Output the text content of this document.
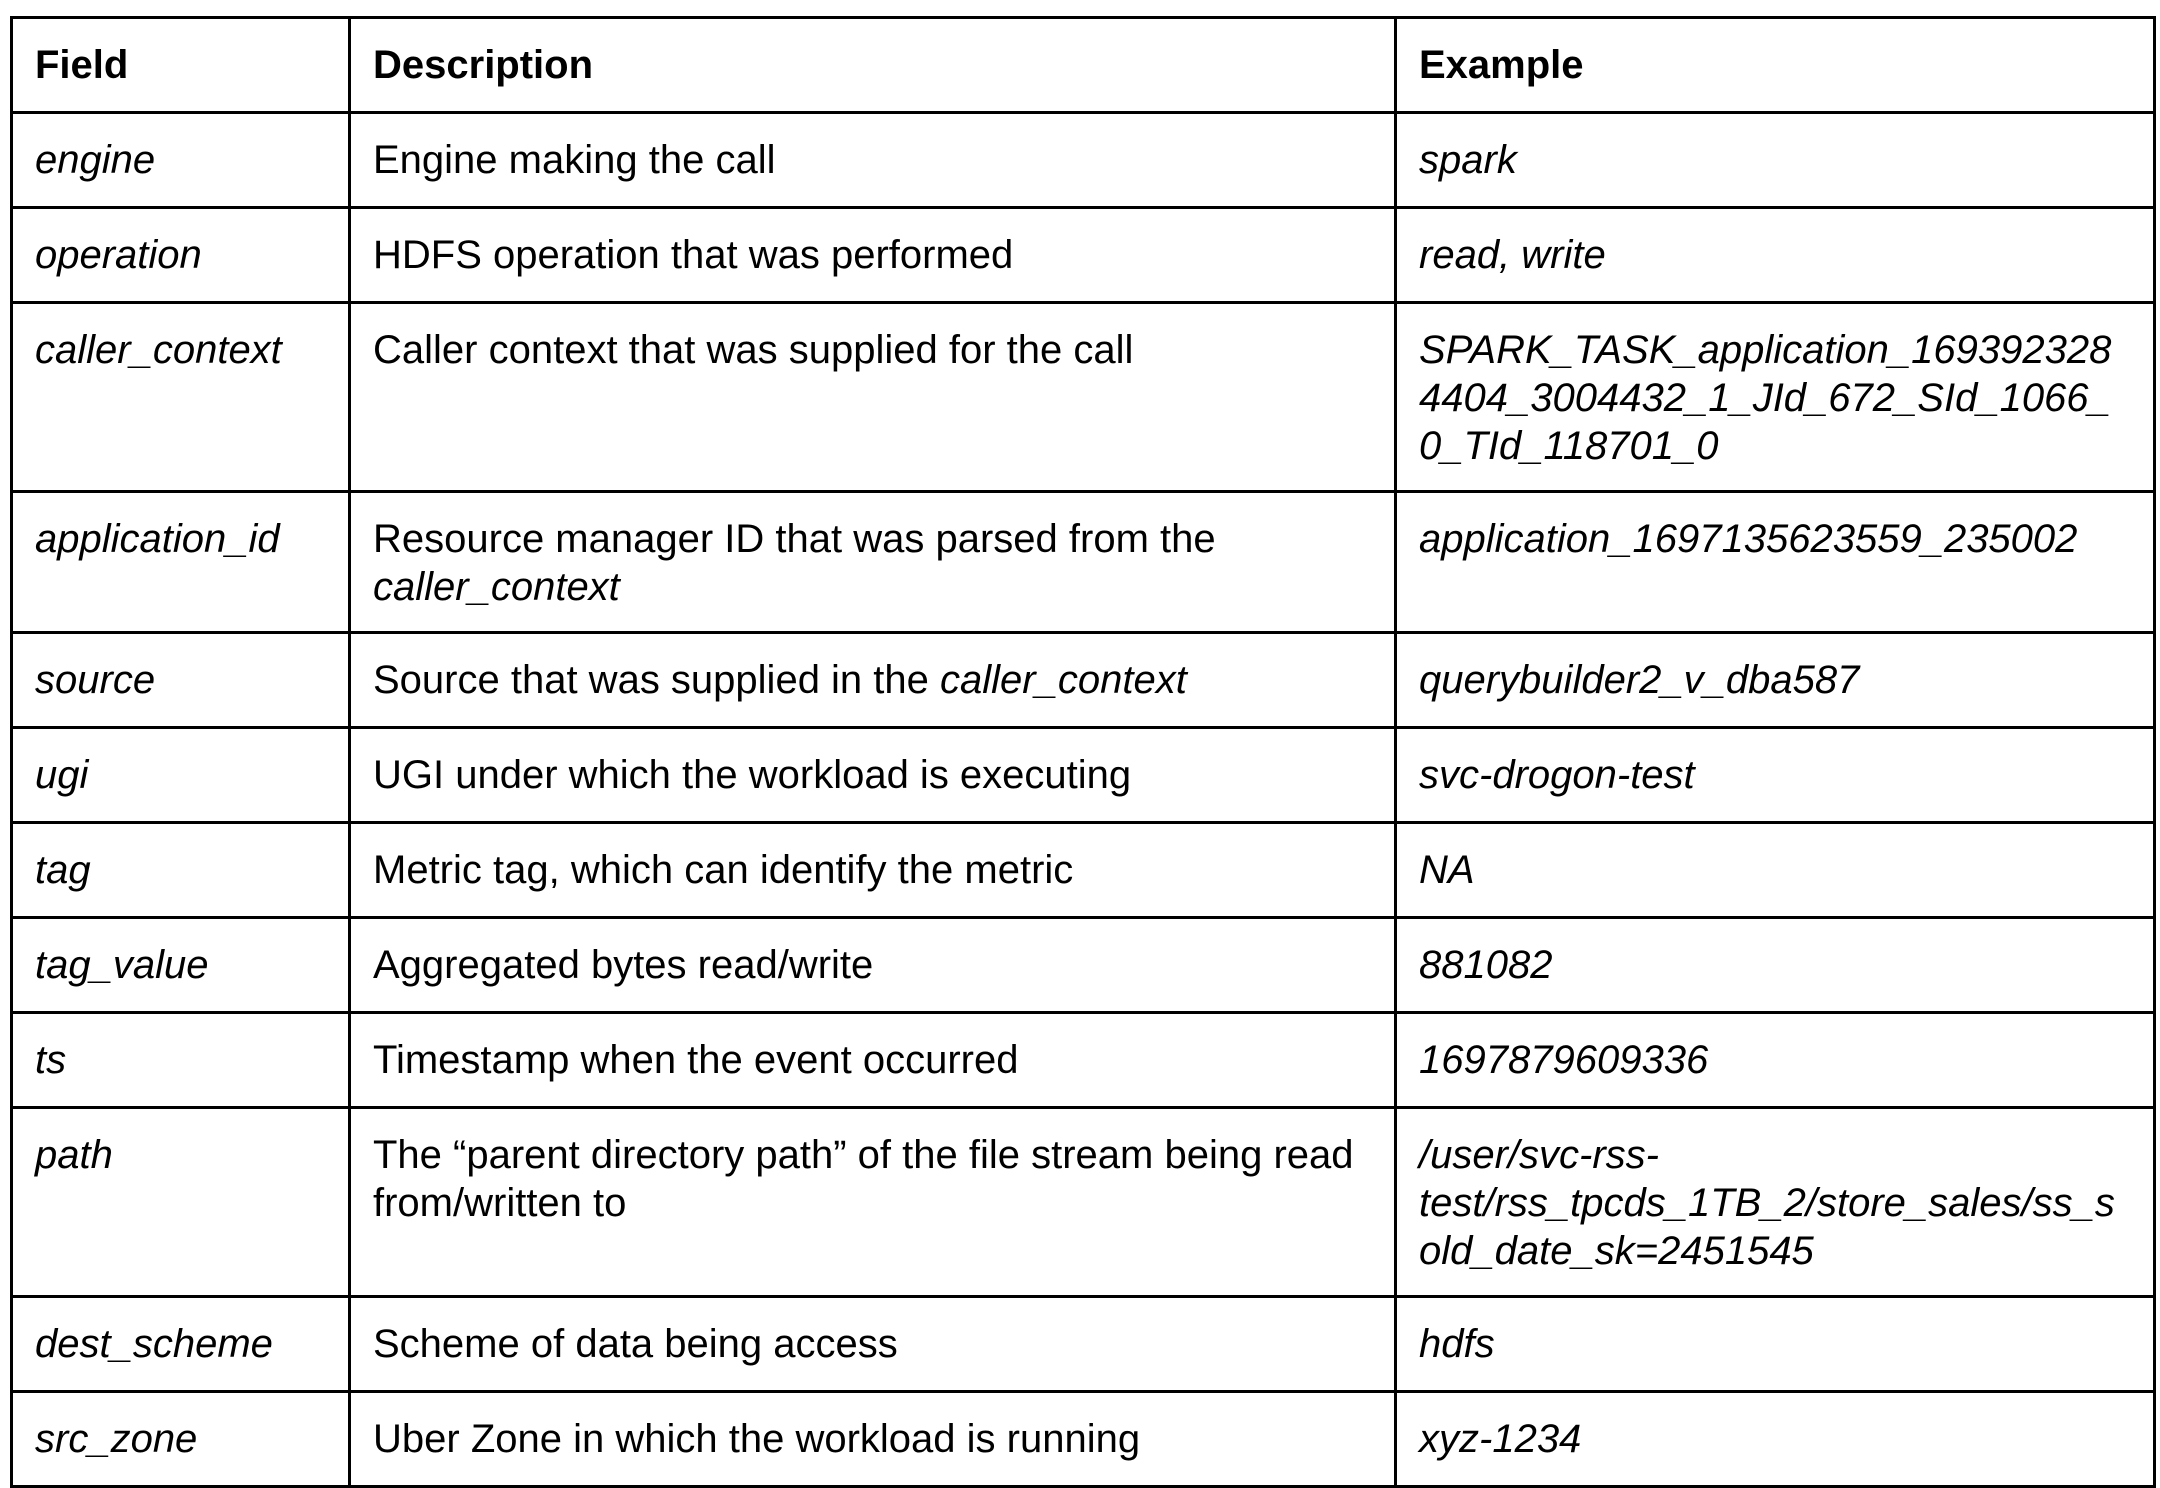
Field	Description	Example
engine	Engine making the call	spark
operation	HDFS operation that was performed	read, write
caller_context	Caller context that was supplied for the call	SPARK_TASK_application_1693923284404_3004432_1_JId_672_SId_1066_0_TId_118701_0
application_id	Resource manager ID that was parsed from the caller_context	application_1697135623559_235002
source	Source that was supplied in the caller_context	querybuilder2_v_dba587
ugi	UGI under which the workload is executing	svc-drogon-test
tag	Metric tag, which can identify the metric	NA
tag_value	Aggregated bytes read/write	881082
ts	Timestamp when the event occurred	1697879609336
path	The “parent directory path” of the file stream being read from/written to	/user/svc-rss-test/rss_tpcds_1TB_2/store_sales/ss_sold_date_sk=2451545
dest_scheme	Scheme of data being access	hdfs
src_zone	Uber Zone in which the workload is running	xyz-1234
